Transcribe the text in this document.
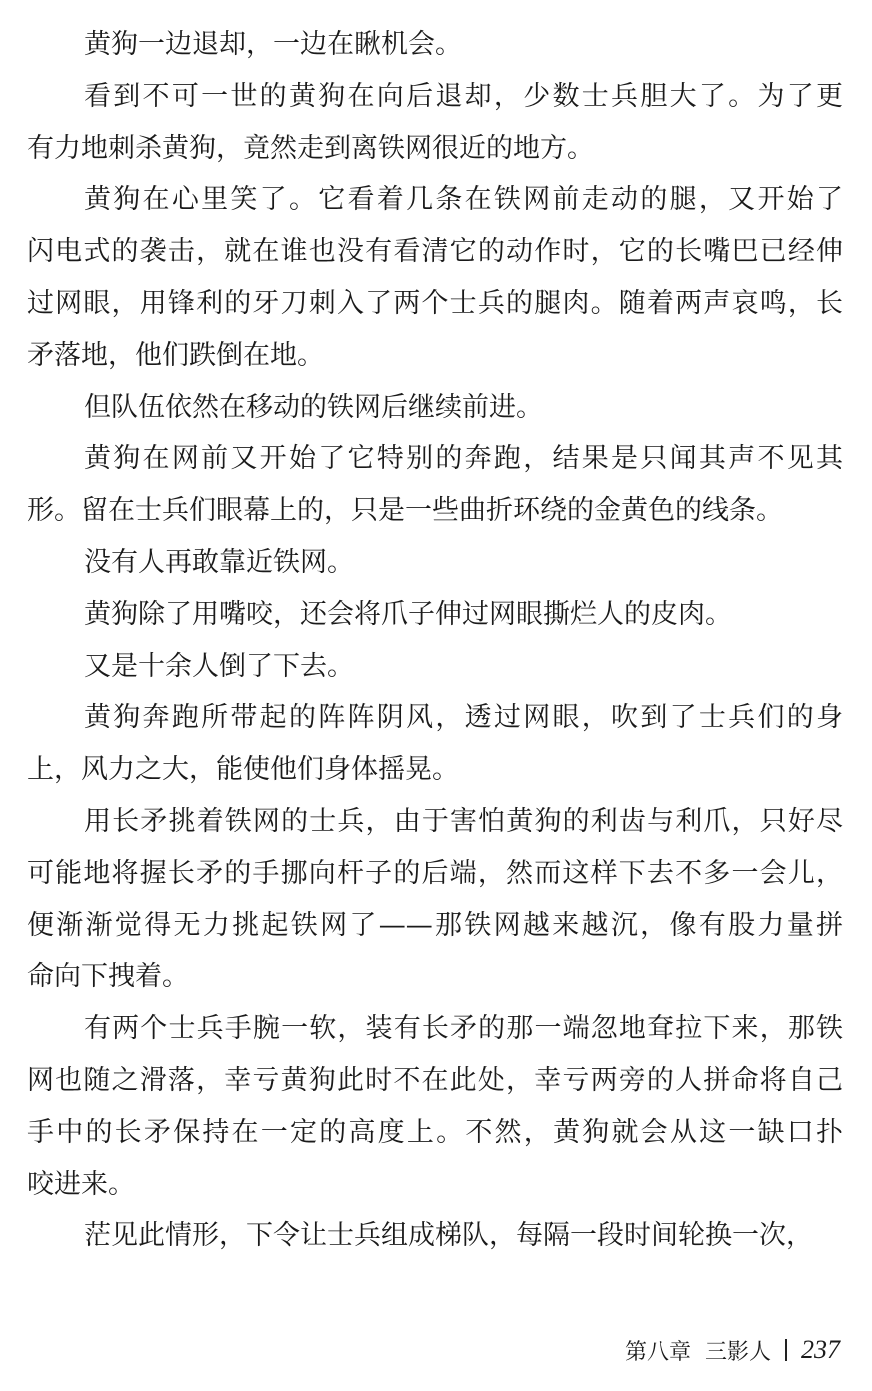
黄狗一边退却，一边在瞅机会。
看到不可一世的黄狗在向后退却，少数士兵胆大了。为了更
有力地刺杀黄狗，竟然走到离铁网很近的地方。
黄狗在心里笑了。它看着几条在铁网前走动的腿，又开始了
闪电式的袭击，就在谁也没有看清它的动作时，它的长嘴巴已经伸
过网眼，用锋利的牙刀刺入了两个士兵的腿肉。随着两声哀鸣，长
矛落地，他们跌倒在地。
但队伍依然在移动的铁网后继续前进。
黄狗在网前又开始了它特别的奔跑，结果是只闻其声不见其
形。留在士兵们眼幕上的，只是一些曲折环绕的金黄色的线条。
没有人再敢靠近铁网。
黄狗除了用嘴咬，还会将爪子伸过网眼撕烂人的皮肉。
又是十余人倒了下去。
黄狗奔跑所带起的阵阵阴风，透过网眼，吹到了士兵们的身
上，风力之大，能使他们身体摇晃。
用长矛挑着铁网的士兵，由于害怕黄狗的利齿与利爪，只好尽
可能地将握长矛的手挪向杆子的后端，然而这样下去不多一会儿，
便渐渐觉得无力挑起铁网了——那铁网越来越沉，像有股力量拼
命向下拽着。
有两个士兵手腕一软，装有长矛的那一端忽地耷拉下来，那铁
网也随之滑落，幸亏黄狗此时不在此处，幸亏两旁的人拼命将自己
手中的长矛保持在一定的高度上。不然，黄狗就会从这一缺口扑
咬进来。
茫见此情形，下令让士兵组成梯队，每隔一段时间轮换一次，
第八章 三影人 237
